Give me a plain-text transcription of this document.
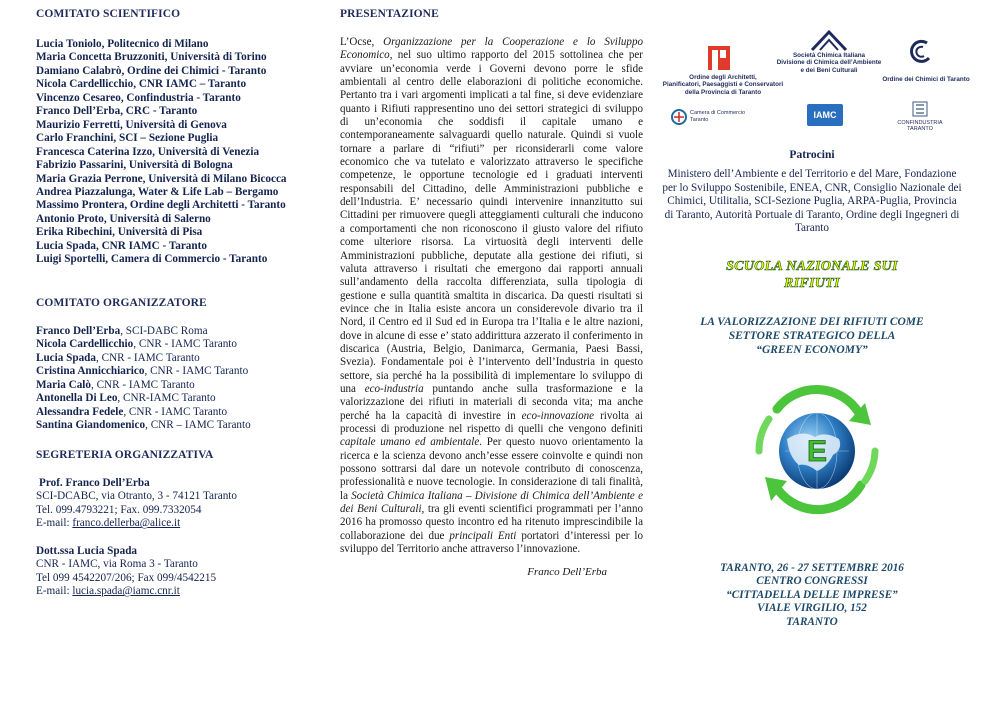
COMITATO SCIENTIFICO
Lucia Toniolo, Politecnico di Milano
Maria Concetta Bruzzoniti, Università di Torino
Damiano Calabrò, Ordine dei Chimici - Taranto
Nicola Cardellicchio, CNR IAMC – Taranto
Vincenzo Cesareo, Confindustria - Taranto
Franco Dell’Erba, CRC - Taranto
Maurizio Ferretti, Università di Genova
Carlo Franchini, SCI – Sezione Puglia
Francesca Caterina Izzo, Università di Venezia
Fabrizio Passarini, Università di Bologna
Maria Grazia Perrone, Università di Milano Bicocca
Andrea Piazzalunga, Water & Life Lab – Bergamo
Massimo Prontera, Ordine degli Architetti - Taranto
Antonio Proto, Università di Salerno
Erika Ribechini, Università di Pisa
Lucia Spada, CNR IAMC - Taranto
Luigi Sportelli, Camera di Commercio - Taranto
COMITATO ORGANIZZATORE
Franco Dell’Erba, SCI-DABC Roma
Nicola Cardellicchio, CNR - IAMC Taranto
Lucia Spada, CNR - IAMC Taranto
Cristina Annicchiarico, CNR - IAMC Taranto
Maria Calò, CNR - IAMC Taranto
Antonella Di Leo, CNR-IAMC Taranto
Alessandra Fedele, CNR - IAMC Taranto
Santina Giandomenico, CNR – IAMC Taranto
SEGRETERIA ORGANIZZATIVA
Prof. Franco Dell’Erba
SCI-DCABC, via Otranto, 3 - 74121 Taranto
Tel. 099.4793221; Fax. 099.7332054
E-mail: franco.dellerba@alice.it
Dott.ssa Lucia Spada
CNR - IAMC, via Roma 3 - Taranto
Tel 099 4542207/206; Fax 099/4542215
E-mail: lucia.spada@iamc.cnr.it
PRESENTAZIONE
L’Ocse, Organizzazione per la Cooperazione e lo Sviluppo Economico, nel suo ultimo rapporto del 2015 sottolinea che per avviare un’economia verde i Governi devono porre le sfide ambientali al centro delle elaborazioni di politiche economiche. Pertanto tra i vari argomenti implicati a tal fine, si deve evidenziare quanto i Rifiuti rappresentino uno dei settori strategici di sviluppo di un’economia che soddisfi il capitale umano e contemporaneamente salvaguardi quello naturale. Quindi si vuole tornare a parlare di “rifiuti” per riconsiderarli come valore economico che va tutelato e valorizzato attraverso le specifiche competenze, le opportune tecnologie ed i graduati interventi responsabili del Cittadino, delle Amministrazioni pubbliche e dell’Industria. E’ necessario quindi intervenire innanzitutto sui Cittadini per rimuovere quegli atteggiamenti culturali che inducono a comportamenti che non riconoscono il giusto valore del rifiuto come ulteriore risorsa. La virtuosità degli interventi delle Amministrazioni pubbliche, deputate alla gestione dei rifiuti, si valuta attraverso i risultati che emergono dai rapporti annuali sull’andamento della raccolta differenziata, sulla tipologia di gestione e sulla quantità smaltita in discarica. Da questi risultati si evince che in Italia esiste ancora un considerevole divario tra il Nord, il Centro ed il Sud ed in Europa tra l’Italia e le altre nazioni, dove in alcune di esse e’ stato addirittura azzerato il conferimento in discarica (Austria, Belgio, Danimarca, Germania, Paesi Bassi, Svezia). Fondamentale poi è l’intervento dell’Industria in questo settore, sia perché ha la possibilità di implementare lo sviluppo di una eco-industria puntando anche sulla trasformazione e la valorizzazione dei rifiuti in materiali di seconda vita; ma anche perché ha la capacità di investire in eco-innovazione rivolta ai processi di produzione nel rispetto di quelli che vengono definiti capitale umano ed ambientale. Per questo nuovo orientamento la ricerca e la scienza devono anch’esse essere coinvolte e quindi non possono sottrarsi dal dare un notevole contributo di conoscenza, professionalità e nuove tecnologie. In considerazione di tali finalità, la Società Chimica Italiana – Divisione di Chimica dell’Ambiente e dei Beni Culturali, tra gli eventi scientifici programmati per l’anno 2016 ha promosso questo incontro ed ha ritenuto imprescindibile la collaborazione dei due principali Enti portatori d’interessi per lo sviluppo del Territorio anche attraverso l’innovazione.
Franco Dell’Erba
Ordine degli Architetti,
Pianificatori, Paesaggisti e Conservatori
della Provincia di Taranto
Società Chimica Italiana
Divisione di Chimica dell’Ambiente
e dei Beni Culturali
Ordine dei Chimici di Taranto
Camera di Commercio
Taranto	IAMC
CONFINDUSTRIA
TARANTO
Patrocini
Ministero dell’Ambiente e del Territorio e del Mare, Fondazione per lo Sviluppo Sostenibile, ENEA, CNR, Consiglio Nazionale dei Chimici, Utilitalia, SCI-Sezione Puglia, ARPA-Puglia, Provincia di Taranto, Autorità Portuale di Taranto, Ordine degli Ingegneri di Taranto
SCUOLA NAZIONALE SUI
RIFIUTI
LA VALORIZZAZIONE DEI RIFIUTI COME
SETTORE STRATEGICO DELLA
“GREEN ECONOMY”
E
TARANTO, 26 - 27 SETTEMBRE 2016
CENTRO CONGRESSI
“CITTADELLA DELLE IMPRESE”
VIALE VIRGILIO, 152
TARANTO
